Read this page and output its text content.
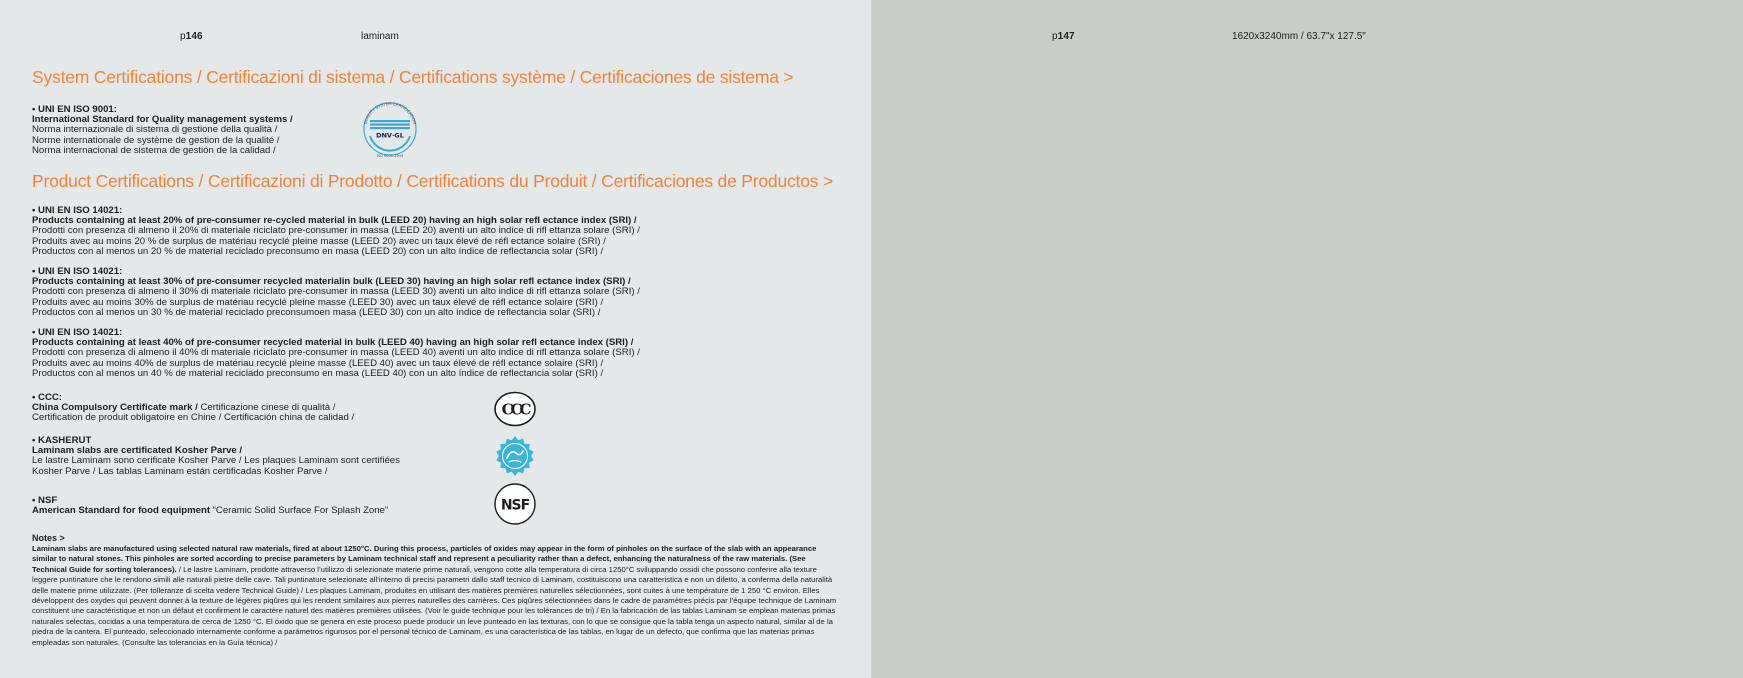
p146	laminam
System Certifications / Certificazioni di sistema / Certifications système / Certificaciones de sistema >
• UNI EN ISO 9001:
International Standard for Quality management systems /
Norma internazionale di sistema di gestione della qualità /
Norme internationale de système de gestion de la qualité /
Norma internacional de sistema de gestión de la calidad /
QUALITY SYSTEM CERTIFICATION
DNV·GL
ISO 9001:2015
Product Certifications / Certificazioni di Prodotto / Certifications du Produit / Certificaciones de Productos >
• UNI EN ISO 14021:
Products containing at least 20% of pre-consumer re-cycled material in bulk (LEED 20) having an high solar refl ectance index (SRI) /
Prodotti con presenza di almeno il 20% di materiale riciclato pre-consumer in massa (LEED 20) aventi un alto indice di rifl ettanza solare (SRI) /
Produits avec au moins 20 % de surplus de matériau recyclé pleine masse (LEED 20) avec un taux élevé de réfl ectance solaire (SRI) /
Productos con al menos un 20 % de material reciclado preconsumo en masa (LEED 20) con un alto índice de reflectancia solar (SRI) /
• UNI EN ISO 14021:
Products containing at least 30% of pre-consumer recycled materialin bulk (LEED 30) having an high solar refl ectance index (SRI) /
Prodotti con presenza di almeno il 30% di materiale riciclato pre-consumer in massa (LEED 30) aventi un alto indice di rifl ettanza solare (SRI) /
Produits avec au moins 30% de surplus de matériau recyclé pleine masse (LEED 30) avec un taux élevé de réfl ectance solaire (SRI) /
Productos con al menos un 30 % de material reciclado preconsumoen masa (LEED 30) con un alto índice de reflectancia solar (SRI) /
• UNI EN ISO 14021:
Products containing at least 40% of pre-consumer recycled material in bulk (LEED 40) having an high solar refl ectance index (SRI) /
Prodotti con presenza di almeno il 40% di materiale riciclato pre-consumer in massa (LEED 40) aventi un alto indice di rifl ettanza solare (SRI) /
Produits avec au moins 40% de surplus de matériau recyclé pleine masse (LEED 40) avec un taux élevé de réfl ectance solaire (SRI) /
Productos con al menos un 40 % de material reciclado preconsumo en masa (LEED 40) con un alto índice de reflectancia solar (SRI) /
• CCC:
China Compulsory Certificate mark / Certificazione cinese di qualità /
Certification de produit obligatoire en Chine / Certificación china de calidad /	CCC
• KASHERUT
Laminam slabs are certificated Kosher Parve /
Le lastre Laminam sono cerificate Kosher Parve / Les plaques Laminam sont certifiées
Kosher Parve / Las tablas Laminam están certificadas Kosher Parve /
• NSF
American Standard for food equipment “Ceramic Solid Surface For Splash Zone”	NSF
Notes >
Laminam slabs are manufactured using selected natural raw materials, fired at about 1250°C. During this process, particles of oxides may appear in the form of pinholes on the surface of the slab with an appearance similar to natural stones. This pinholes are sorted according to precise parameters by Laminam technical staff and represent a peculiarity rather than a defect, enhancing the naturalness of the raw materials. (See Technical Guide for sorting tolerances). / Le lastre Laminam, prodotte attraverso l’utilizzo di selezionate materie prime naturali, vengono cotte alla temperatura di circa 1250°C sviluppando ossidi che possono conferire alla texture leggere puntinature che le rendono simili alle naturali pietre delle cave. Tali puntinature selezionate all’interno di precisi parametri dallo staff tecnico di Laminam, costituiscono una caratteristica e non un difetto, a conferma della naturalità delle materie prime utilizzate. (Per tolleranze di scelta vedere Technical Guide) / Les plaques Laminam, produites en utilisant des matières premières naturelles sélectionnées, sont cuites à une température de 1 250 °C environ. Elles développent des oxydes qui peuvent donner à la texture de légères piqûres qui les rendent similaires aux pierres naturelles des carrières. Ces piqûres sélectionnées dans le cadre de paramètres précis par l’équipe technique de Laminam constituent une caractéristique et non un défaut et confirment le caractère naturel des matières premières utilisées. (Voir le guide technique pour les tolérances de tri) / En la fabricación de las tablas Laminam se emplean materias primas naturales selectas, cocidas a una temperatura de cerca de 1250 °C. El óxido que se genera en este proceso puede producir un leve punteado en las texturas, con lo que se consigue que la tabla tenga un aspecto natural, similar al de la piedra de la cantera. El punteado, seleccionado internamente conforme a parámetros rigurosos por el personal técnico de Laminam, es una característica de las tablas, en lugar de un defecto, que confirma que las materias primas empleadas son naturales. (Consulte las tolerancias en la Guía técnica) /
p147	1620x3240mm / 63.7"x 127.5"
